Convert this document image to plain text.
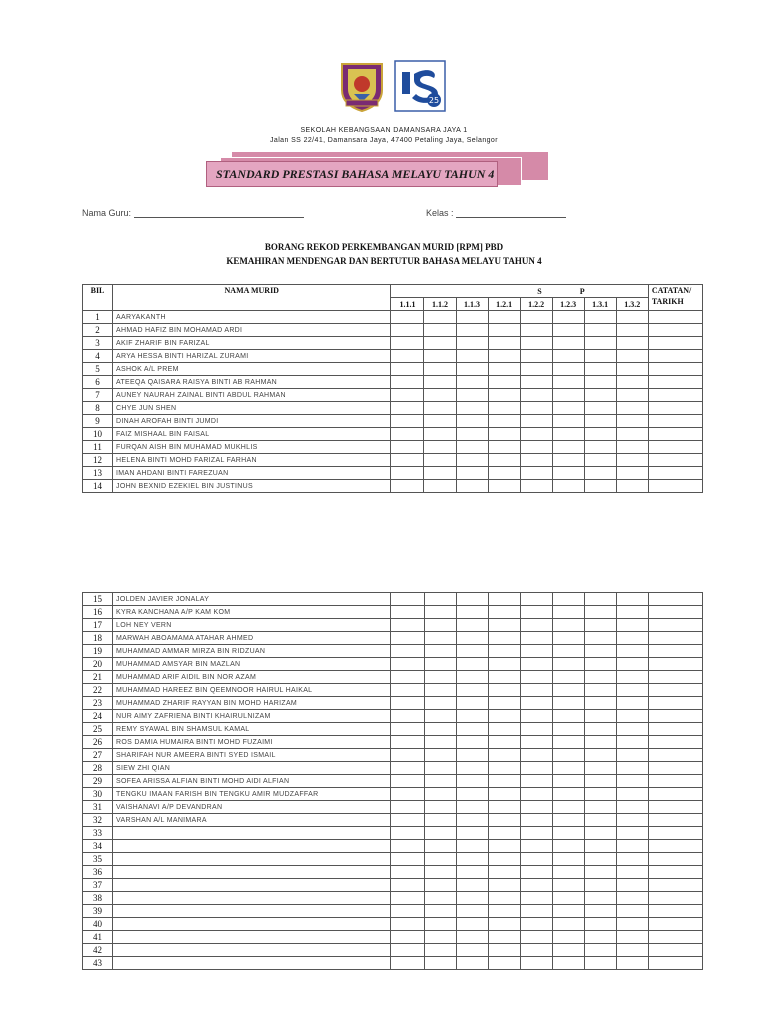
25
SEKOLAH KEBANGSAAN DAMANSARA JAYA 1
Jalan SS 22/41, Damansara Jaya, 47400 Petaling Jaya, Selangor
STANDARD PRESTASI BAHASA MELAYU TAHUN 4
Nama Guru:	Kelas :
BORANG REKOD PERKEMBANGAN MURID [RPM] PBD
KEMAHIRAN MENDENGAR DAN BERTUTUR BAHASA MELAYU TAHUN 4
BIL	NAMA MURID	S P								CATATAN/
TARIKH

		1.1.1	1.1.2	1.1.3	1.2.1	1.2.2	1.2.3	1.3.1	1.3.2	
1	AARYAKANTH									
2	AHMAD HAFIZ BIN MOHAMAD ARDI									
3	AKIF ZHARIF BIN FARIZAL									
4	ARYA HESSA BINTI HARIZAL ZURAMI									
5	ASHOK A/L PREM									
6	ATEEQA QAISARA RAISYA BINTI AB RAHMAN									
7	AUNEY NAURAH ZAINAL BINTI ABDUL RAHMAN									
8	CHYE JUN SHEN									
9	DINAH AROFAH BINTI JUMDI									
10	FAIZ MISHAAL BIN FAISAL									
11	FURQAN AISH BIN MUHAMAD MUKHLIS									
12	HELENA BINTI MOHD FARIZAL FARHAN									
13	IMAN AHDANI BINTI FAREZUAN									
14	JOHN BEXNID EZEKIEL BIN JUSTINUS									
15	JOLDEN JAVIER JONALAY									
16	KYRA KANCHANA A/P KAM KOM									
17	LOH NEY VERN									
18	MARWAH ABOAMAMA ATAHAR AHMED									
19	MUHAMMAD AMMAR MIRZA BIN RIDZUAN									
20	MUHAMMAD AMSYAR BIN MAZLAN									
21	MUHAMMAD ARIF AIDIL BIN NOR AZAM									
22	MUHAMMAD HAREEZ BIN QEEMNOOR HAIRUL HAIKAL									
23	MUHAMMAD ZHARIF RAYYAN BIN MOHD HARIZAM									
24	NUR AIMY ZAFRIENA BINTI KHAIRULNIZAM									
25	REMY SYAWAL BIN SHAMSUL KAMAL									
26	ROS DAMIA HUMAIRA BINTI MOHD FUZAIMI									
27	SHARIFAH NUR AMEERA BINTI SYED ISMAIL									
28	SIEW ZHI QIAN									
29	SOFEA ARISSA ALFIAN BINTI MOHD AIDI ALFIAN									
30	TENGKU IMAAN FARISH BIN TENGKU AMIR MUDZAFFAR									
31	VAISHANAVI A/P DEVANDRAN									
32	VARSHAN A/L MANIMARA									
33										
34										
35										
36										
37										
38										
39										
40										
41										
42										
43										
